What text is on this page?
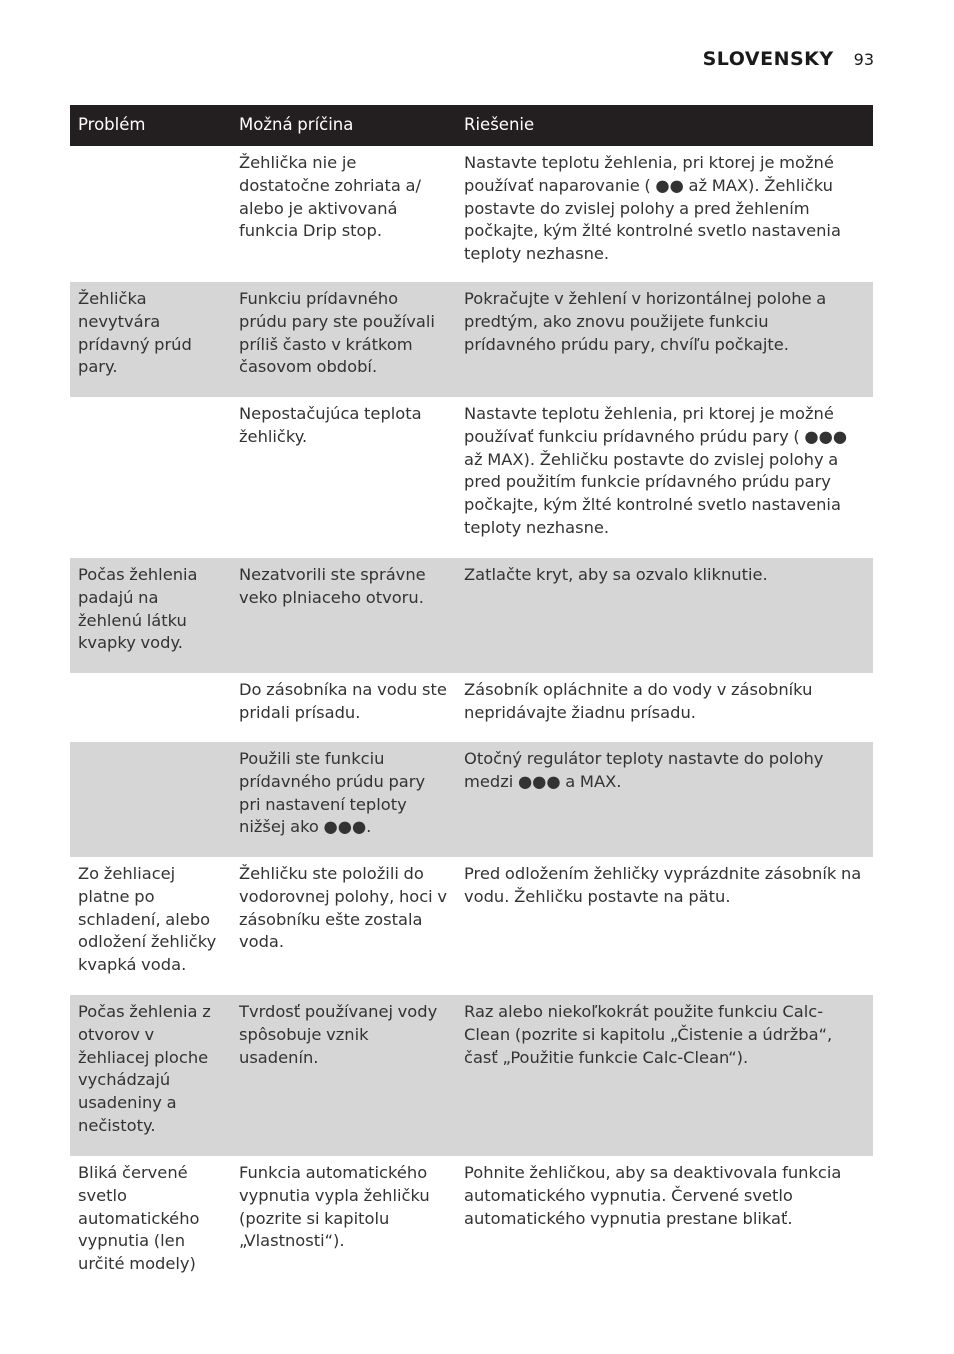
SLOVENSKY 93
Problém	Možná príčina	Riešenie
Žehlička nie je dostatočne zohriata a/ alebo je aktivovaná funkcia Drip stop.
Nastavte teplotu žehlenia, pri ktorej je možné používať naparovanie ( ●● až MAX). Žehličku postavte do zvislej polohy a pred žehlením počkajte, kým žlté kontrolné svetlo nastavenia teploty nezhasne.
Žehlička nevytvára prídavný prúd pary.
Funkciu prídavného prúdu pary ste používali príliš často v krátkom časovom období.
Pokračujte v žehlení v horizontálnej polohe a predtým, ako znovu použijete funkciu prídavného prúdu pary, chvíľu počkajte.
Nepostačujúca teplota žehličky.
Nastavte teplotu žehlenia, pri ktorej je možné používať funkciu prídavného prúdu pary ( ●●● až MAX). Žehličku postavte do zvislej polohy a pred použitím funkcie prídavného prúdu pary počkajte, kým žlté kontrolné svetlo nastavenia teploty nezhasne.
Počas žehlenia padajú na žehlenú látku kvapky vody.
Nezatvorili ste správne veko plniaceho otvoru.
Zatlačte kryt, aby sa ozvalo kliknutie.
Do zásobníka na vodu ste pridali prísadu.
Zásobník opláchnite a do vody v zásobníku nepridávajte žiadnu prísadu.
Použili ste funkciu prídavného prúdu pary pri nastavení teploty nižšej ako ●●●.
Otočný regulátor teploty nastavte do polohy medzi ●●● a MAX.
Zo žehliacej platne po schladení, alebo odložení žehličky kvapká voda.
Žehličku ste položili do vodorovnej polohy, hoci v zásobníku ešte zostala voda.
Pred odložením žehličky vyprázdnite zásobník na vodu. Žehličku postavte na pätu.
Počas žehlenia z otvorov v žehliacej ploche vychádzajú usadeniny a nečistoty.
Tvrdosť používanej vody spôsobuje vznik usadenín.
Raz alebo niekoľkokrát použite funkciu Calc-Clean (pozrite si kapitolu „Čistenie a údržba“, časť „Použitie funkcie Calc-Clean“).
Bliká červené svetlo automatického vypnutia (len určité modely)
Funkcia automatického vypnutia vypla žehličku (pozrite si kapitolu „Vlastnosti“).
Pohnite žehličkou, aby sa deaktivovala funkcia automatického vypnutia. Červené svetlo automatického vypnutia prestane blikať.
